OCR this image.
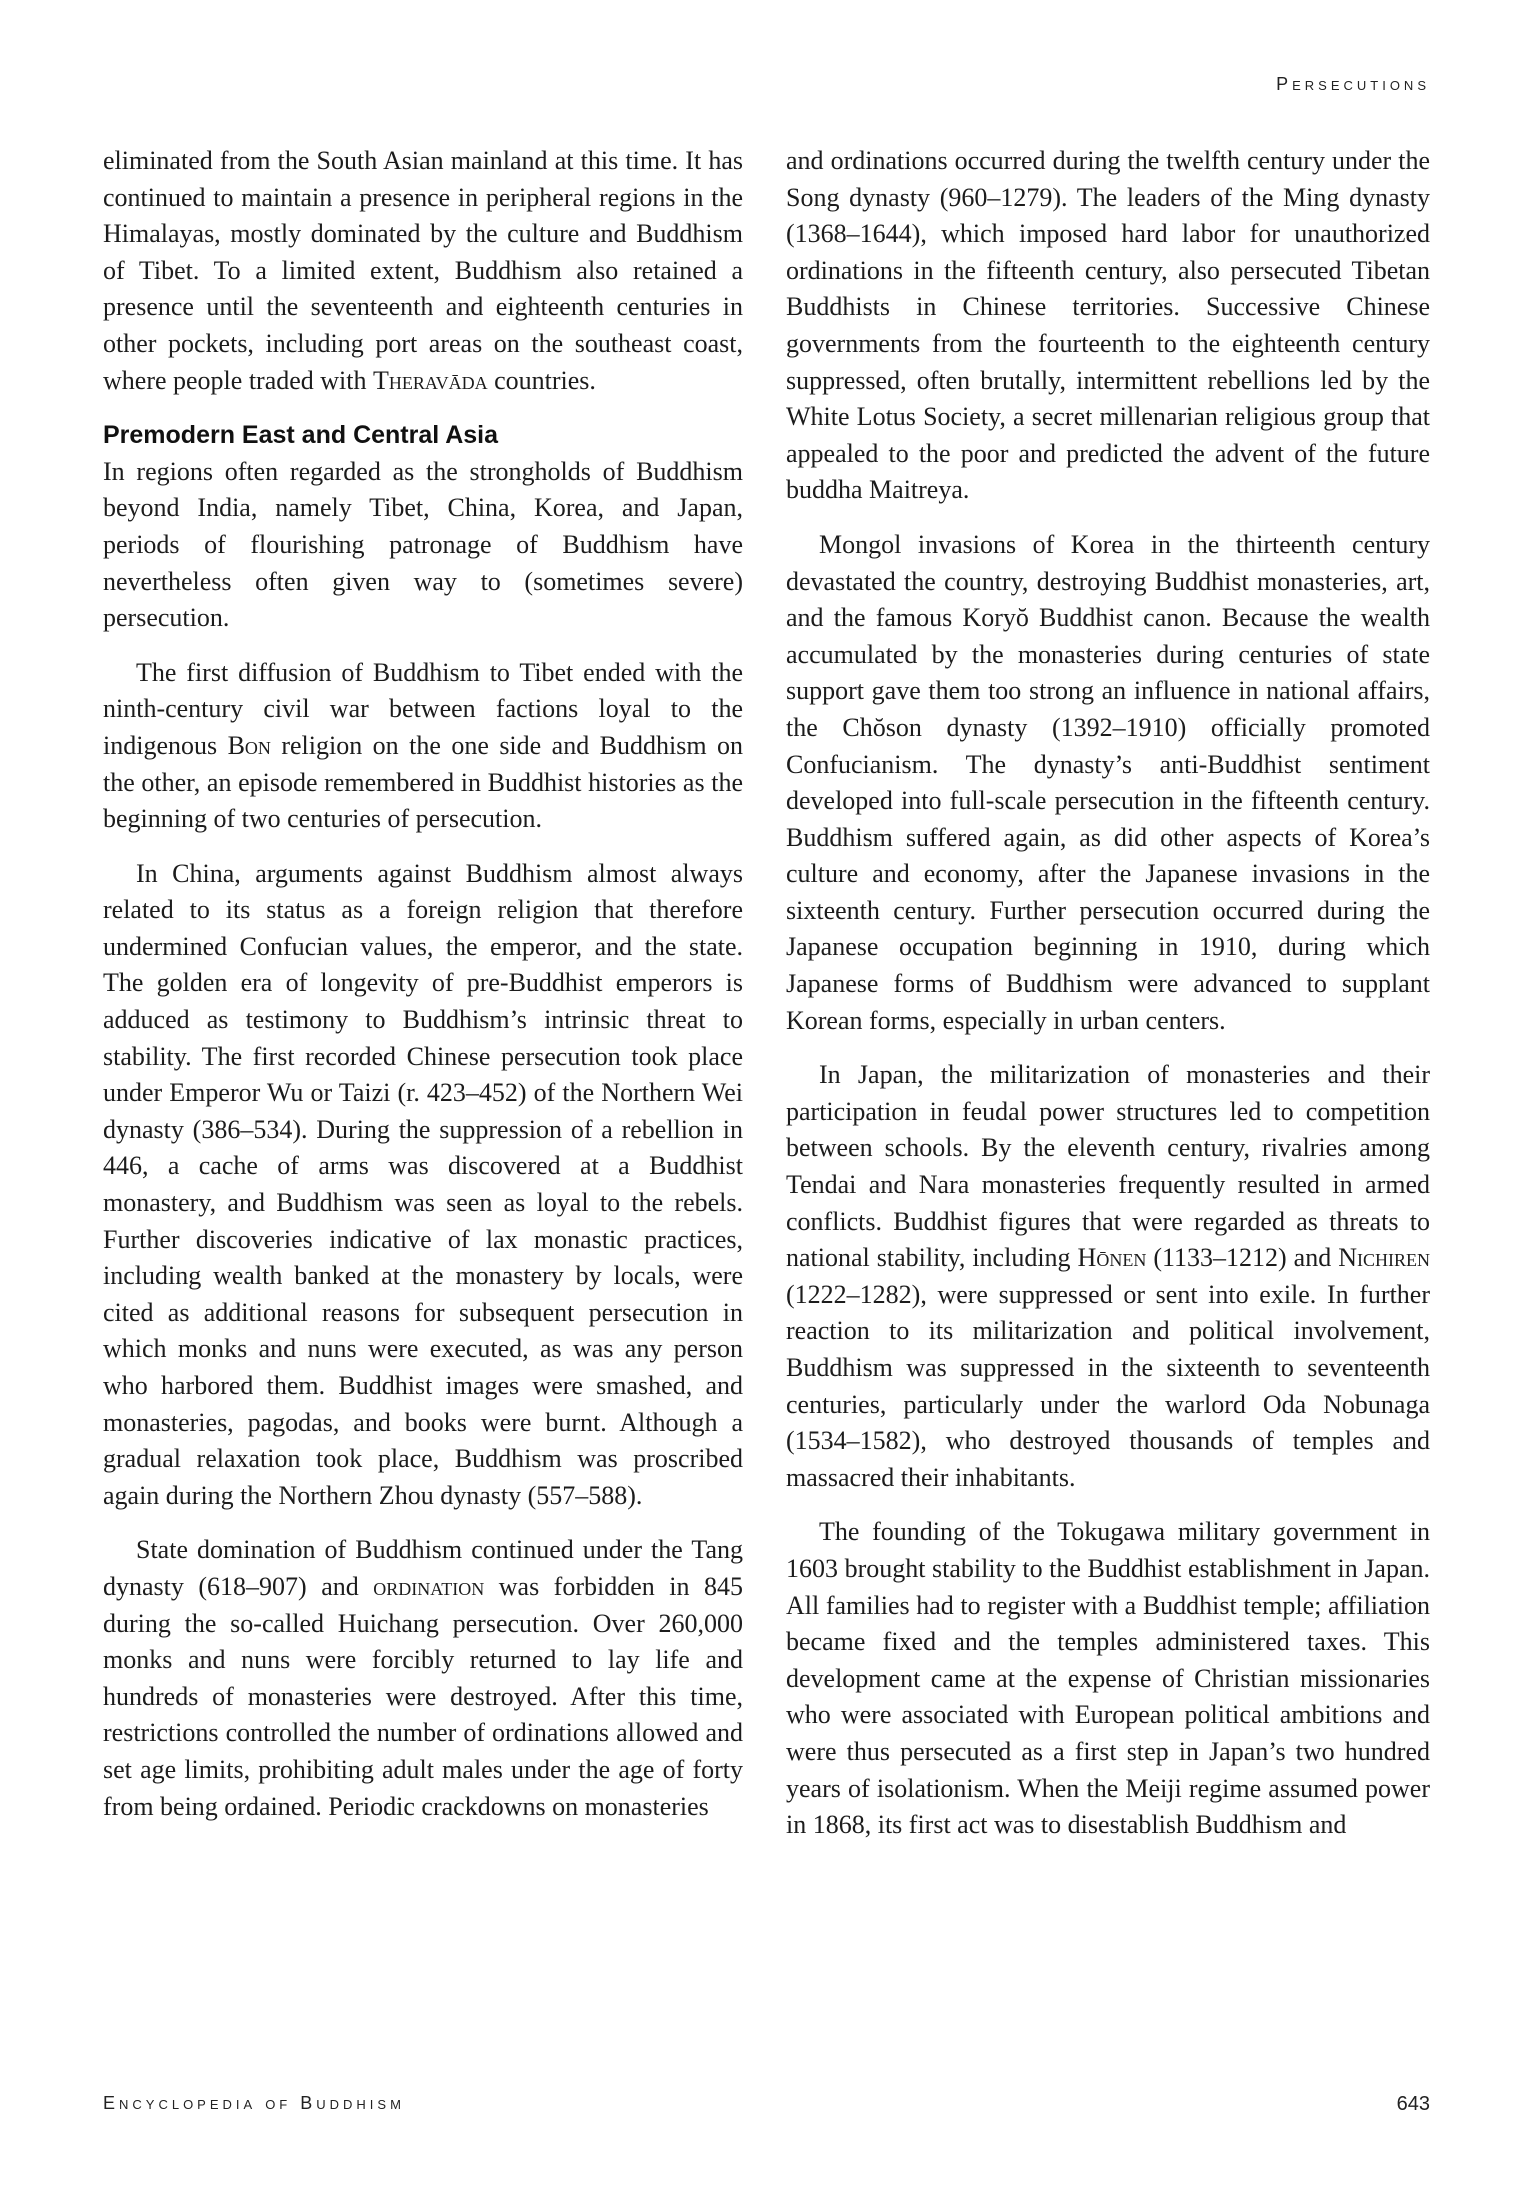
Persecutions

eliminated from the South Asian mainland at this time. It has continued to maintain a presence in peripheral regions in the Himalayas, mostly dominated by the culture and Buddhism of Tibet. To a limited extent, Buddhism also retained a presence until the seventeenth and eighteenth centuries in other pockets, including port areas on the southeast coast, where people traded with Theravāda countries.

Premodern East and Central Asia

In regions often regarded as the strongholds of Buddhism beyond India, namely Tibet, China, Korea, and Japan, periods of flourishing patronage of Buddhism have nevertheless often given way to (sometimes severe) persecution.

The first diffusion of Buddhism to Tibet ended with the ninth-century civil war between factions loyal to the indigenous Bon religion on the one side and Buddhism on the other, an episode remembered in Buddhist histories as the beginning of two centuries of persecution.

In China, arguments against Buddhism almost always related to its status as a foreign religion that therefore undermined Confucian values, the emperor, and the state. The golden era of longevity of pre-Buddhist emperors is adduced as testimony to Buddhism’s intrinsic threat to stability. The first recorded Chinese persecution took place under Emperor Wu or Taizi (r. 423–452) of the Northern Wei dynasty (386–534). During the suppression of a rebellion in 446, a cache of arms was discovered at a Buddhist monastery, and Buddhism was seen as loyal to the rebels. Further discoveries indicative of lax monastic practices, including wealth banked at the monastery by locals, were cited as additional reasons for subsequent persecution in which monks and nuns were executed, as was any person who harbored them. Buddhist images were smashed, and monasteries, pagodas, and books were burnt. Although a gradual relaxation took place, Buddhism was proscribed again during the Northern Zhou dynasty (557–588).

State domination of Buddhism continued under the Tang dynasty (618–907) and ordination was forbidden in 845 during the so-called Huichang persecution. Over 260,000 monks and nuns were forcibly returned to lay life and hundreds of monasteries were destroyed. After this time, restrictions controlled the number of ordinations allowed and set age limits, prohibiting adult males under the age of forty from being ordained. Periodic crackdowns on monasteries

and ordinations occurred during the twelfth century under the Song dynasty (960–1279). The leaders of the Ming dynasty (1368–1644), which imposed hard labor for unauthorized ordinations in the fifteenth century, also persecuted Tibetan Buddhists in Chinese territories. Successive Chinese governments from the fourteenth to the eighteenth century suppressed, often brutally, intermittent rebellions led by the White Lotus Society, a secret millenarian religious group that appealed to the poor and predicted the advent of the future buddha Maitreya.

Mongol invasions of Korea in the thirteenth century devastated the country, destroying Buddhist monasteries, art, and the famous Koryŏ Buddhist canon. Because the wealth accumulated by the monasteries during centuries of state support gave them too strong an influence in national affairs, the Chŏson dynasty (1392–1910) officially promoted Confucianism. The dynasty’s anti-Buddhist sentiment developed into full-scale persecution in the fifteenth century. Buddhism suffered again, as did other aspects of Korea’s culture and economy, after the Japanese invasions in the sixteenth century. Further persecution occurred during the Japanese occupation beginning in 1910, during which Japanese forms of Buddhism were advanced to supplant Korean forms, especially in urban centers.

In Japan, the militarization of monasteries and their participation in feudal power structures led to competition between schools. By the eleventh century, rivalries among Tendai and Nara monasteries frequently resulted in armed conflicts. Buddhist figures that were regarded as threats to national stability, including Hōnen (1133–1212) and Nichiren (1222–1282), were suppressed or sent into exile. In further reaction to its militarization and political involvement, Buddhism was suppressed in the sixteenth to seventeenth centuries, particularly under the warlord Oda Nobunaga (1534–1582), who destroyed thousands of temples and massacred their inhabitants.

The founding of the Tokugawa military government in 1603 brought stability to the Buddhist establishment in Japan. All families had to register with a Buddhist temple; affiliation became fixed and the temples administered taxes. This development came at the expense of Christian missionaries who were associated with European political ambitions and were thus persecuted as a first step in Japan’s two hundred years of isolationism. When the Meiji regime assumed power in 1868, its first act was to disestablish Buddhism and

Encyclopedia of Buddhism	643
